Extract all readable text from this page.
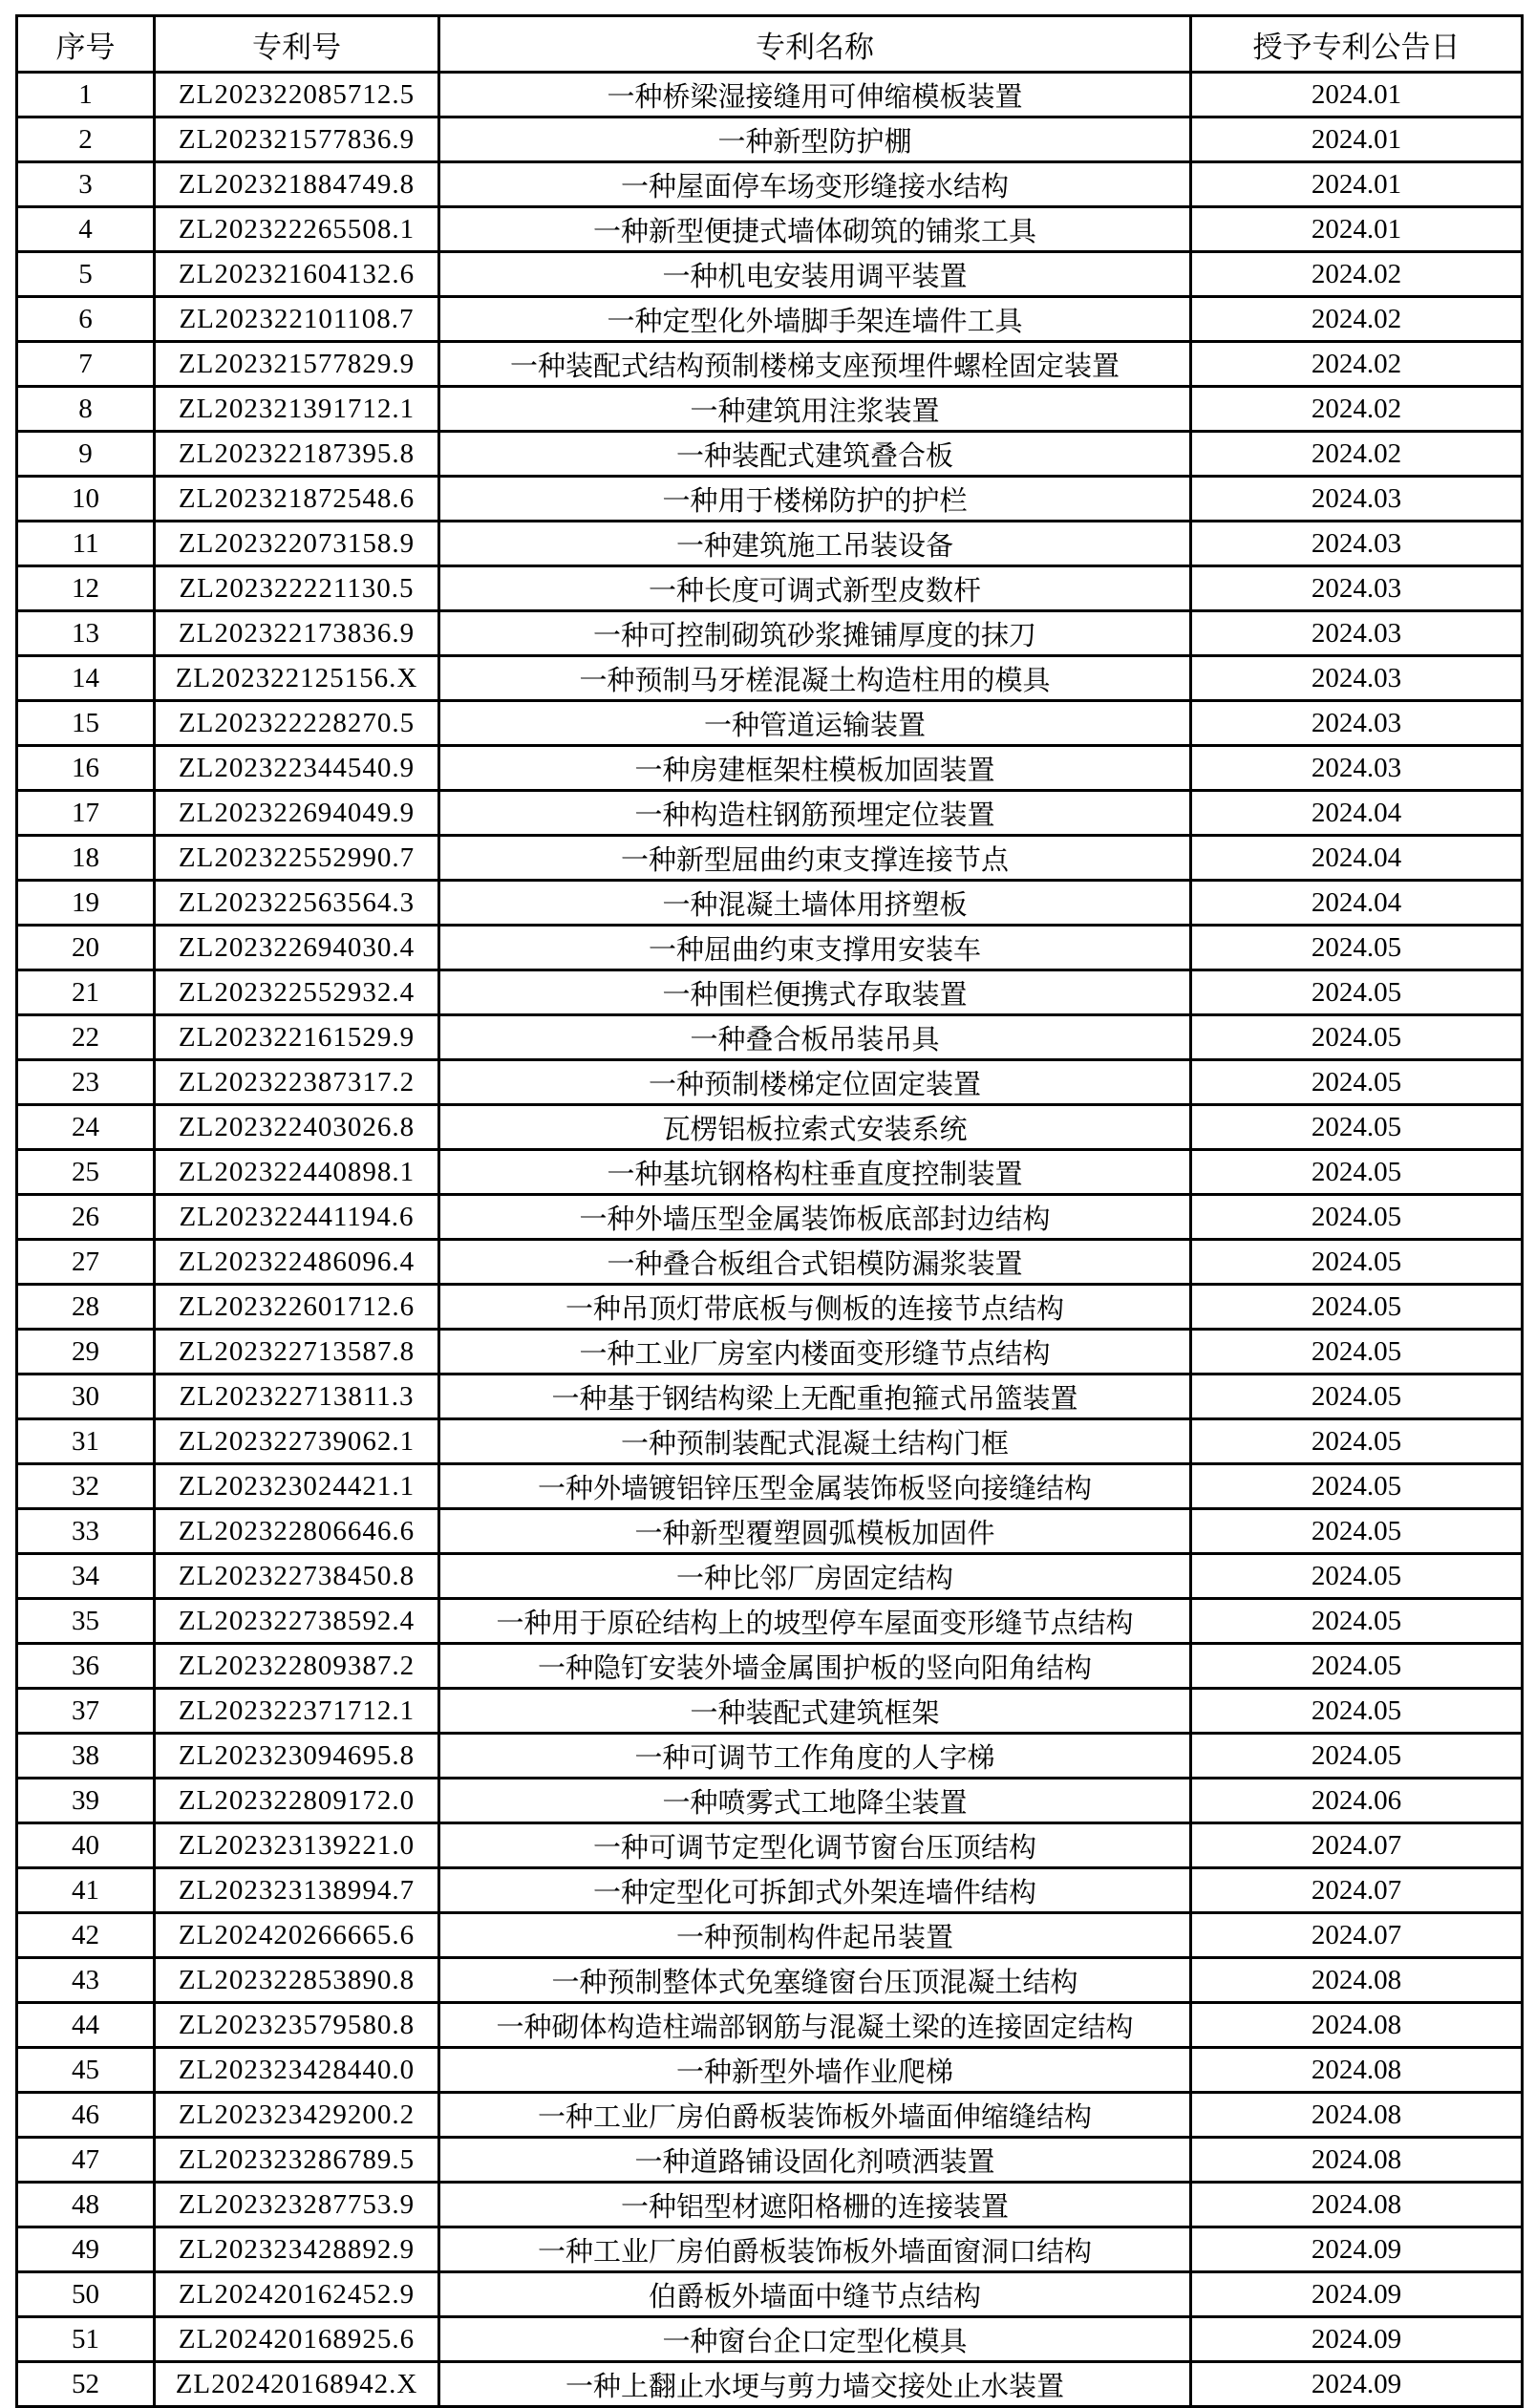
序号	专利号	专利名称	授予专利公告日
1	ZL202322085712.5	一种桥梁湿接缝用可伸缩模板装置	2024.01
2	ZL202321577836.9	一种新型防护棚	2024.01
3	ZL202321884749.8	一种屋面停车场变形缝接水结构	2024.01
4	ZL202322265508.1	一种新型便捷式墙体砌筑的铺浆工具	2024.01
5	ZL202321604132.6	一种机电安装用调平装置	2024.02
6	ZL202322101108.7	一种定型化外墙脚手架连墙件工具	2024.02
7	ZL202321577829.9	一种装配式结构预制楼梯支座预埋件螺栓固定装置	2024.02
8	ZL202321391712.1	一种建筑用注浆装置	2024.02
9	ZL202322187395.8	一种装配式建筑叠合板	2024.02
10	ZL202321872548.6	一种用于楼梯防护的护栏	2024.03
11	ZL202322073158.9	一种建筑施工吊装设备	2024.03
12	ZL202322221130.5	一种长度可调式新型皮数杆	2024.03
13	ZL202322173836.9	一种可控制砌筑砂浆摊铺厚度的抹刀	2024.03
14	ZL202322125156.X	一种预制马牙槎混凝土构造柱用的模具	2024.03
15	ZL202322228270.5	一种管道运输装置	2024.03
16	ZL202322344540.9	一种房建框架柱模板加固装置	2024.03
17	ZL202322694049.9	一种构造柱钢筋预埋定位装置	2024.04
18	ZL202322552990.7	一种新型屈曲约束支撑连接节点	2024.04
19	ZL202322563564.3	一种混凝土墙体用挤塑板	2024.04
20	ZL202322694030.4	一种屈曲约束支撑用安装车	2024.05
21	ZL202322552932.4	一种围栏便携式存取装置	2024.05
22	ZL202322161529.9	一种叠合板吊装吊具	2024.05
23	ZL202322387317.2	一种预制楼梯定位固定装置	2024.05
24	ZL202322403026.8	瓦楞铝板拉索式安装系统	2024.05
25	ZL202322440898.1	一种基坑钢格构柱垂直度控制装置	2024.05
26	ZL202322441194.6	一种外墙压型金属装饰板底部封边结构	2024.05
27	ZL202322486096.4	一种叠合板组合式铝模防漏浆装置	2024.05
28	ZL202322601712.6	一种吊顶灯带底板与侧板的连接节点结构	2024.05
29	ZL202322713587.8	一种工业厂房室内楼面变形缝节点结构	2024.05
30	ZL202322713811.3	一种基于钢结构梁上无配重抱箍式吊篮装置	2024.05
31	ZL202322739062.1	一种预制装配式混凝土结构门框	2024.05
32	ZL202323024421.1	一种外墙镀铝锌压型金属装饰板竖向接缝结构	2024.05
33	ZL202322806646.6	一种新型覆塑圆弧模板加固件	2024.05
34	ZL202322738450.8	一种比邻厂房固定结构	2024.05
35	ZL202322738592.4	一种用于原砼结构上的坡型停车屋面变形缝节点结构	2024.05
36	ZL202322809387.2	一种隐钉安装外墙金属围护板的竖向阳角结构	2024.05
37	ZL202322371712.1	一种装配式建筑框架	2024.05
38	ZL202323094695.8	一种可调节工作角度的人字梯	2024.05
39	ZL202322809172.0	一种喷雾式工地降尘装置	2024.06
40	ZL202323139221.0	一种可调节定型化调节窗台压顶结构	2024.07
41	ZL202323138994.7	一种定型化可拆卸式外架连墙件结构	2024.07
42	ZL202420266665.6	一种预制构件起吊装置	2024.07
43	ZL202322853890.8	一种预制整体式免塞缝窗台压顶混凝土结构	2024.08
44	ZL202323579580.8	一种砌体构造柱端部钢筋与混凝土梁的连接固定结构	2024.08
45	ZL202323428440.0	一种新型外墙作业爬梯	2024.08
46	ZL202323429200.2	一种工业厂房伯爵板装饰板外墙面伸缩缝结构	2024.08
47	ZL202323286789.5	一种道路铺设固化剂喷洒装置	2024.08
48	ZL202323287753.9	一种铝型材遮阳格栅的连接装置	2024.08
49	ZL202323428892.9	一种工业厂房伯爵板装饰板外墙面窗洞口结构	2024.09
50	ZL202420162452.9	伯爵板外墙面中缝节点结构	2024.09
51	ZL202420168925.6	一种窗台企口定型化模具	2024.09
52	ZL202420168942.X	一种上翻止水埂与剪力墙交接处止水装置	2024.09
